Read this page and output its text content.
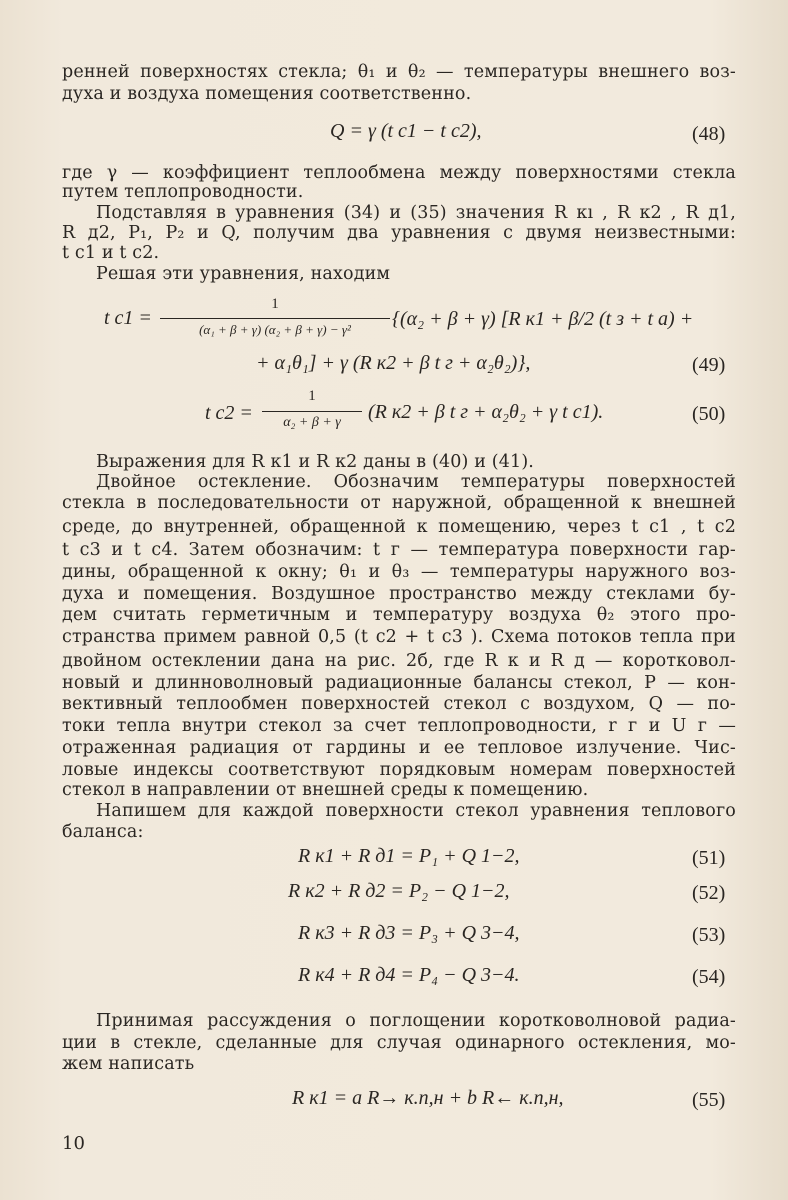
ренней поверхностях стекла; θ₁ и θ₂ — температуры внешнего воз-
духа и воздуха помещения соответственно.
Q = γ (t c1 − t c2),	(48)
где γ — коэффициент теплообмена между поверхностями стекла
путем теплопроводности.
Подставляя в уравнения (34) и (35) значения R кı , R к2 , R д1,
R д2, P₁, P₂ и Q, получим два уравнения с двумя неизвестными:
t c1 и t c2.
Решая эти уравнения, находим
t c1 =
1
(α₁ + β + γ) (α₂ + β + γ) − γ²	{(α₂ + β + γ) [R к1 + β/2 (t з + t а) +
+ α₁θ₁] + γ (R к2 + β t г + α₂θ₂)},	(49)
t c2 =
1
α₂ + β + γ	(R к2 + β t г + α₂θ₂ + γ t c1).	(50)
Выражения для R к1 и R к2 даны в (40) и (41).
Двойное остекление. Обозначим температуры поверхностей
стекла в последовательности от наружной, обращенной к внешней
среде, до внутренней, обращенной к помещению, через t c1 , t c2
t c3 и t c4. Затем обозначим: t г — температура поверхности гар-
дины, обращенной к окну; θ₁ и θ₃ — температуры наружного воз-
духа и помещения. Воздушное пространство между стеклами бу-
дем считать герметичным и температуру воздуха θ₂ этого про-
странства примем равной 0,5 (t c2 + t c3 ). Схема потоков тепла при
двойном остеклении дана на рис. 2б, где R к и R д — коротковол-
новый и длинноволновый радиационные балансы стекол, P — кон-
вективный теплообмен поверхностей стекол с воздухом, Q — по-
токи тепла внутри стекол за счет теплопроводности, r г и U г —
отраженная радиация от гардины и ее тепловое излучение. Чис-
ловые индексы соответствуют порядковым номерам поверхностей
стекол в направлении от внешней среды к помещению.
Напишем для каждой поверхности стекол уравнения теплового
баланса:
R к1 + R д1 = P₁ + Q 1−2,	(51)
R к2 + R д2 = P₂ − Q 1−2,	(52)
R к3 + R д3 = P₃ + Q 3−4,	(53)
R к4 + R д4 = P₄ − Q 3−4.	(54)
Принимая рассуждения о поглощении коротковолновой радиа-
ции в стекле, сделанные для случая одинарного остекления, мо-
жем написать
R к1 = a R→ к.п,н + b R← к.п,н,	(55)
10
